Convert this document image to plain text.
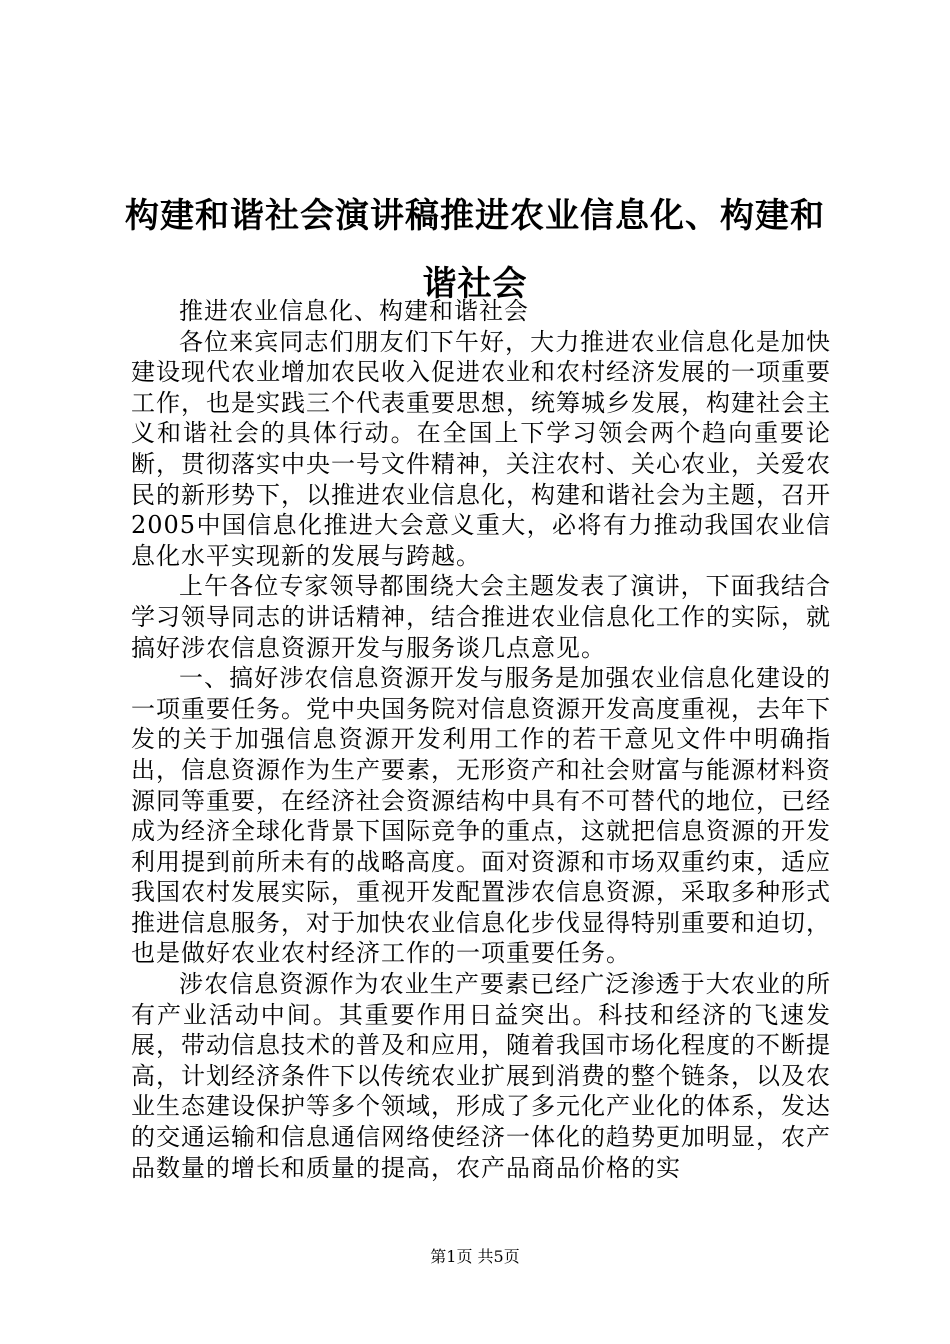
构建和谐社会演讲稿推进农业信息化、构建和谐社会

推进农业信息化、构建和谐社会

各位来宾同志们朋友们下午好，大力推进农业信息化是加快建设现代农业增加农民收入促进农业和农村经济发展的一项重要工作，也是实践三个代表重要思想，统筹城乡发展，构建社会主义和谐社会的具体行动。在全国上下学习领会两个趋向重要论断，贯彻落实中央一号文件精神，关注农村、关心农业，关爱农民的新形势下，以推进农业信息化，构建和谐社会为主题，召开2005中国信息化推进大会意义重大，必将有力推动我国农业信息化水平实现新的发展与跨越。

上午各位专家领导都围绕大会主题发表了演讲，下面我结合学习领导同志的讲话精神，结合推进农业信息化工作的实际，就搞好涉农信息资源开发与服务谈几点意见。

一、搞好涉农信息资源开发与服务是加强农业信息化建设的一项重要任务。党中央国务院对信息资源开发高度重视，去年下发的关于加强信息资源开发利用工作的若干意见文件中明确指出，信息资源作为生产要素，无形资产和社会财富与能源材料资源同等重要，在经济社会资源结构中具有不可替代的地位，已经成为经济全球化背景下国际竞争的重点，这就把信息资源的开发利用提到前所未有的战略高度。面对资源和市场双重约束，适应我国农村发展实际，重视开发配置涉农信息资源，采取多种形式推进信息服务，对于加快农业信息化步伐显得特别重要和迫切，也是做好农业农村经济工作的一项重要任务。

涉农信息资源作为农业生产要素已经广泛渗透于大农业的所有产业活动中间。其重要作用日益突出。科技和经济的飞速发展，带动信息技术的普及和应用，随着我国市场化程度的不断提高，计划经济条件下以传统农业扩展到消费的整个链条，以及农业生态建设保护等多个领域，形成了多元化产业化的体系，发达的交通运输和信息通信网络使经济一体化的趋势更加明显，农产品数量的增长和质量的提高，农产品商品价格的实

第1页 共5页
